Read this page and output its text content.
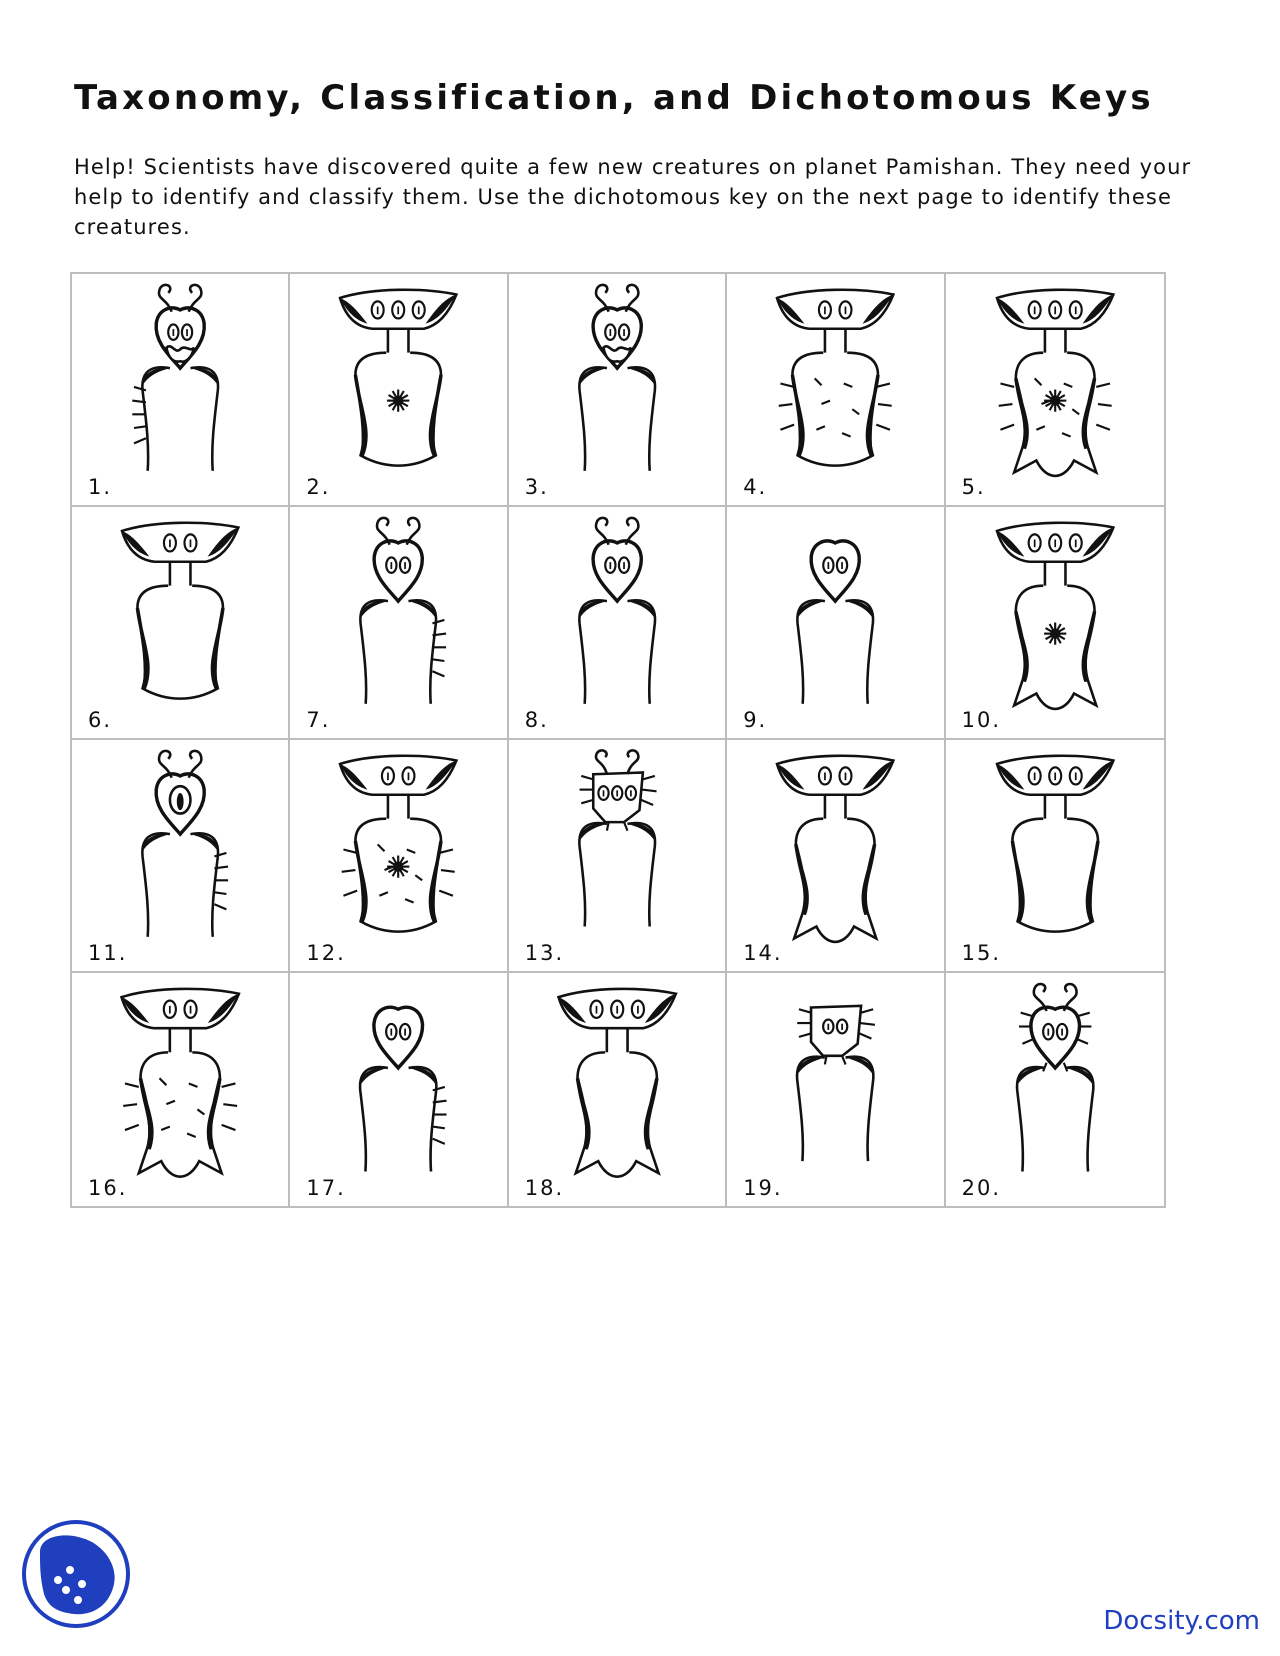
Taxonomy, Classification, and Dichotomous Keys

Help! Scientists have discovered quite a few new creatures on planet Pamishan. They need your help to identify and classify them. Use the dichotomous key on the next page to identify these creatures.

1.	2.	3.	4.	5.
6.	7.	8.	9.	10.
11.	12.	13.	14.	15.
16.	17.	18.	19.	20.
Docsity.com
